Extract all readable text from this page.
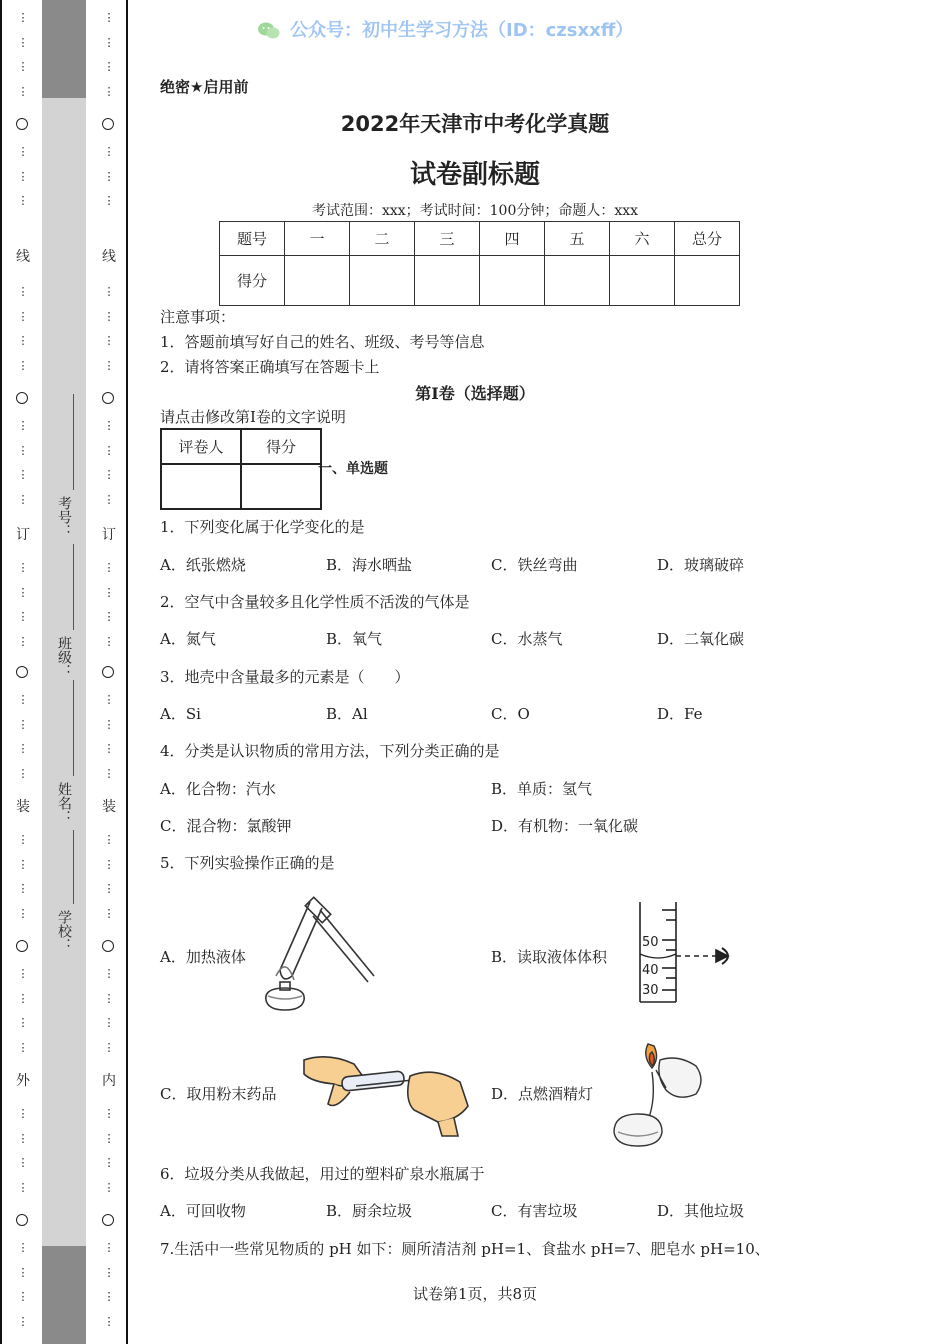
⋮
⋮
⋮
⋮
⋮
⋮
⋮

线
⋮
⋮
⋮
⋮
⋮
⋮
⋮
⋮
订
⋮
⋮
⋮
⋮
⋮
⋮
⋮
⋮
装
⋮
⋮
⋮
⋮
⋮
⋮
⋮
⋮
外
⋮
⋮
⋮
⋮
⋮
⋮
⋮
⋮
考号：
班级：
姓名：
学校：
⋮
⋮
⋮
⋮
⋮
⋮
⋮

线
⋮
⋮
⋮
⋮
⋮
⋮
⋮
⋮
订
⋮
⋮
⋮
⋮
⋮
⋮
⋮
⋮
装
⋮
⋮
⋮
⋮
⋮
⋮
⋮
⋮
内
⋮
⋮
⋮
⋮
⋮
⋮
⋮
⋮
公众号：初中生学习方法（ID：czsxxff）
绝密★启用前
2022年天津市中考化学真题
试卷副标题
考试范围：xxx；考试时间：100分钟；命题人：xxx
题号	一	二	三	四	五	六	总分
得分							
注意事项：
1．答题前填写好自己的姓名、班级、考号等信息
2．请将答案正确填写在答题卡上
第I卷（选择题）
请点击修改第I卷的文字说明
评卷人	得分

一、单选题
1．下列变化属于化学变化的是
A．纸张燃烧	B．海水晒盐	C．铁丝弯曲	D．玻璃破碎
2．空气中含量较多且化学性质不活泼的气体是
A．氮气	B．氧气	C．水蒸气	D．二氧化碳
3．地壳中含量最多的元素是（　　）
A．Si	B．Al	C．O	D．Fe
4．分类是认识物质的常用方法，下列分类正确的是
A．化合物：汽水	B．单质：氢气
C．混合物：氯酸钾	D．有机物：一氧化碳
5．下列实验操作正确的是
A．加热液体	B．读取液体体积
C．取用粉末药品	D．点燃酒精灯
50
40
30
6．垃圾分类从我做起，用过的塑料矿泉水瓶属于
A．可回收物	B．厨余垃圾	C．有害垃圾	D．其他垃圾
7.生活中一些常见物质的 pH 如下：厕所清洁剂 pH=1、食盐水 pH=7、肥皂水 pH=10、
试卷第1页，共8页
